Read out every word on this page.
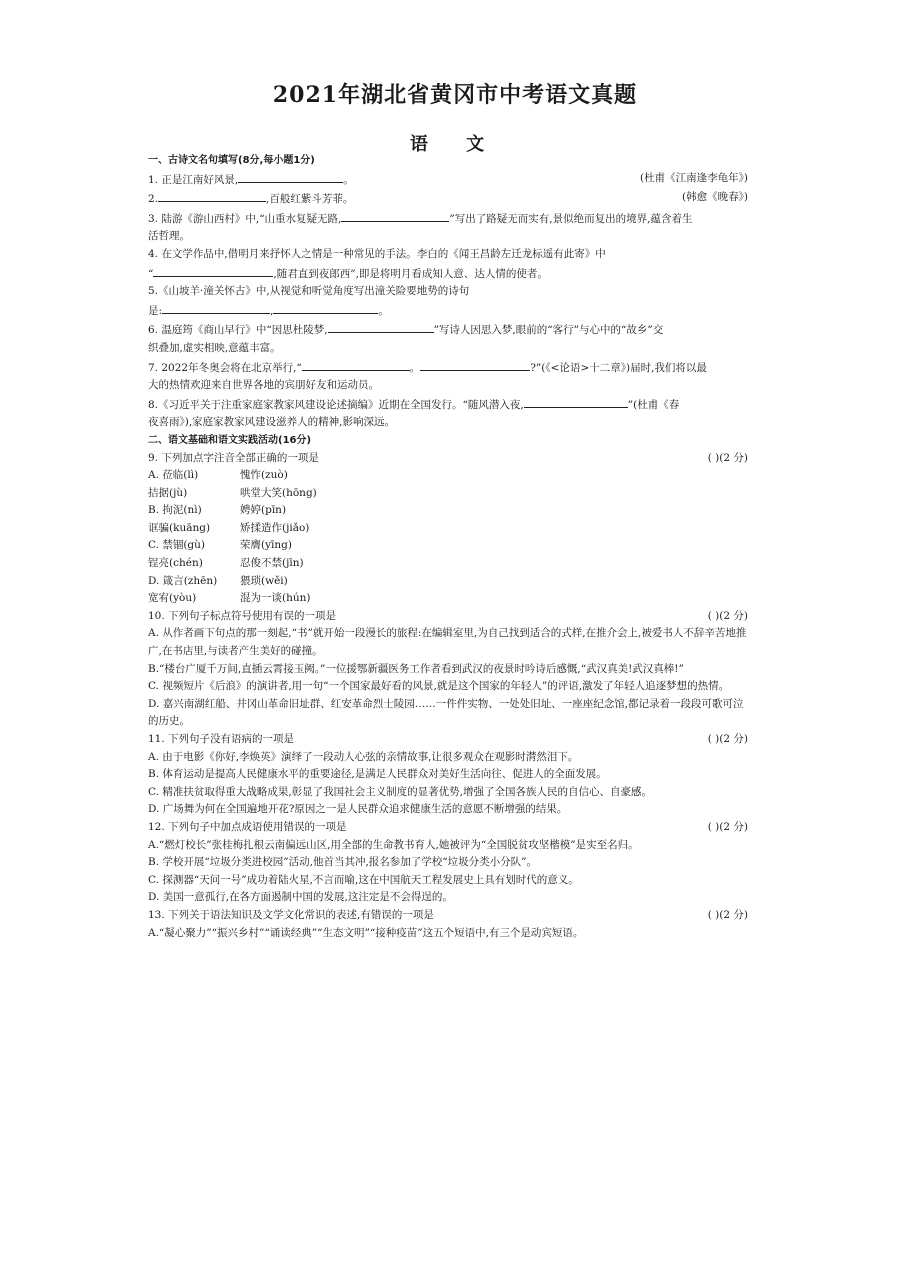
2021年湖北省黄冈市中考语文真题
语 文
一、古诗文名句填写(8分,每小题1分)
1. 正是江南好风景,	。	(杜甫《江南逢李龟年》)
2.	,百般红紫斗芳菲。	(韩愈《晚春》)
3. 陆游《游山西村》中,“山重水复疑无路,	”写出了路疑无而实有,景似绝而复出的境界,蕴含着生
活哲理。
4. 在文学作品中,借明月来抒怀人之情是一种常见的手法。李白的《闻王昌龄左迁龙标遥有此寄》中
“	,随君直到夜郎西”,即是将明月看成知人意、达人情的使者。
5.《山坡羊·潼关怀古》中,从视觉和听觉角度写出潼关险要地势的诗句
是:	,	。
6. 温庭筠《商山早行》中“因思杜陵梦,	”写诗人因思入梦,眼前的“客行”与心中的“故乡”交
织叠加,虚实相映,意蕴丰富。
7. 2022年冬奥会将在北京举行,“	。	?”(《<论语>十二章》)届时,我们将以最
大的热情欢迎来自世界各地的宾朋好友和运动员。
8.《习近平关于注重家庭家教家风建设论述摘编》近期在全国发行。“随风潜入夜,	”(杜甫《春
夜喜雨》),家庭家教家风建设滋养人的精神,影响深远。
二、语文基础和语文实践活动(16分)
9. 下列加点字注音全部正确的一项是	( )(2 分)
A. 莅临(lì)	愧怍(zuò)
拮据(jù)	哄堂大笑(hōng)
B. 拘泥(nì)	娉婷(pīn)
诓骗(kuāng)	矫揉造作(jiǎo)
C. 禁锢(gù)	荣膺(yīng)
锃亮(chén)	忍俊不禁(jīn)
D. 箴言(zhēn) 猥琐(wěi)
宽宥(yòu)	混为一谈(hún)
10. 下列句子标点符号使用有误的一项是	( )(2 分)
A. 从作者画下句点的那一刻起,“书”就开始一段漫长的旅程:在编辑室里,为自己找到适合的式样,在推介会上,被爱书人不辞辛苦地推广,在书店里,与读者产生美好的碰撞。
B.“楼台广厦千万间,直插云霄接玉阙。”一位援鄂新疆医务工作者看到武汉的夜景时吟诗后感慨,“武汉真美!武汉真棒!”
C. 视频短片《后浪》的演讲者,用一句“一个国家最好看的风景,就是这个国家的年轻人”的评语,激发了年轻人追逐梦想的热情。
D. 嘉兴南湖红船、井冈山革命旧址群、红安革命烈士陵园……一件件实物、一处处旧址、一座座纪念馆,都记录着一段段可歌可泣的历史。
11. 下列句子没有语病的一项是	( )(2 分)
A. 由于电影《你好,李焕英》演绎了一段动人心弦的亲情故事,让很多观众在观影时潸然泪下。
B. 体育运动是提高人民健康水平的重要途径,是满足人民群众对美好生活向往、促进人的全面发展。
C. 精准扶贫取得重大战略成果,彰显了我国社会主义制度的显著优势,增强了全国各族人民的自信心、自豪感。
D. 广场舞为何在全国遍地开花?原因之一是人民群众追求健康生活的意愿不断增强的结果。
12. 下列句子中加点成语使用错误的一项是	( )(2 分)
A.“燃灯校长”张桂梅扎根云南偏远山区,用全部的生命教书育人,她被评为“全国脱贫攻坚楷模”是实至名归。
B. 学校开展“垃圾分类进校园”活动,他首当其冲,报名参加了学校“垃圾分类小分队”。
C. 探测器“天问一号”成功着陆火星,不言而喻,这在中国航天工程发展史上具有划时代的意义。
D. 美国一意孤行,在各方面遏制中国的发展,这注定是不会得逞的。
13. 下列关于语法知识及文学文化常识的表述,有错误的一项是	( )(2 分)
A.“凝心聚力”“振兴乡村”“诵读经典”“生态文明”“接种疫苗”这五个短语中,有三个是动宾短语。
